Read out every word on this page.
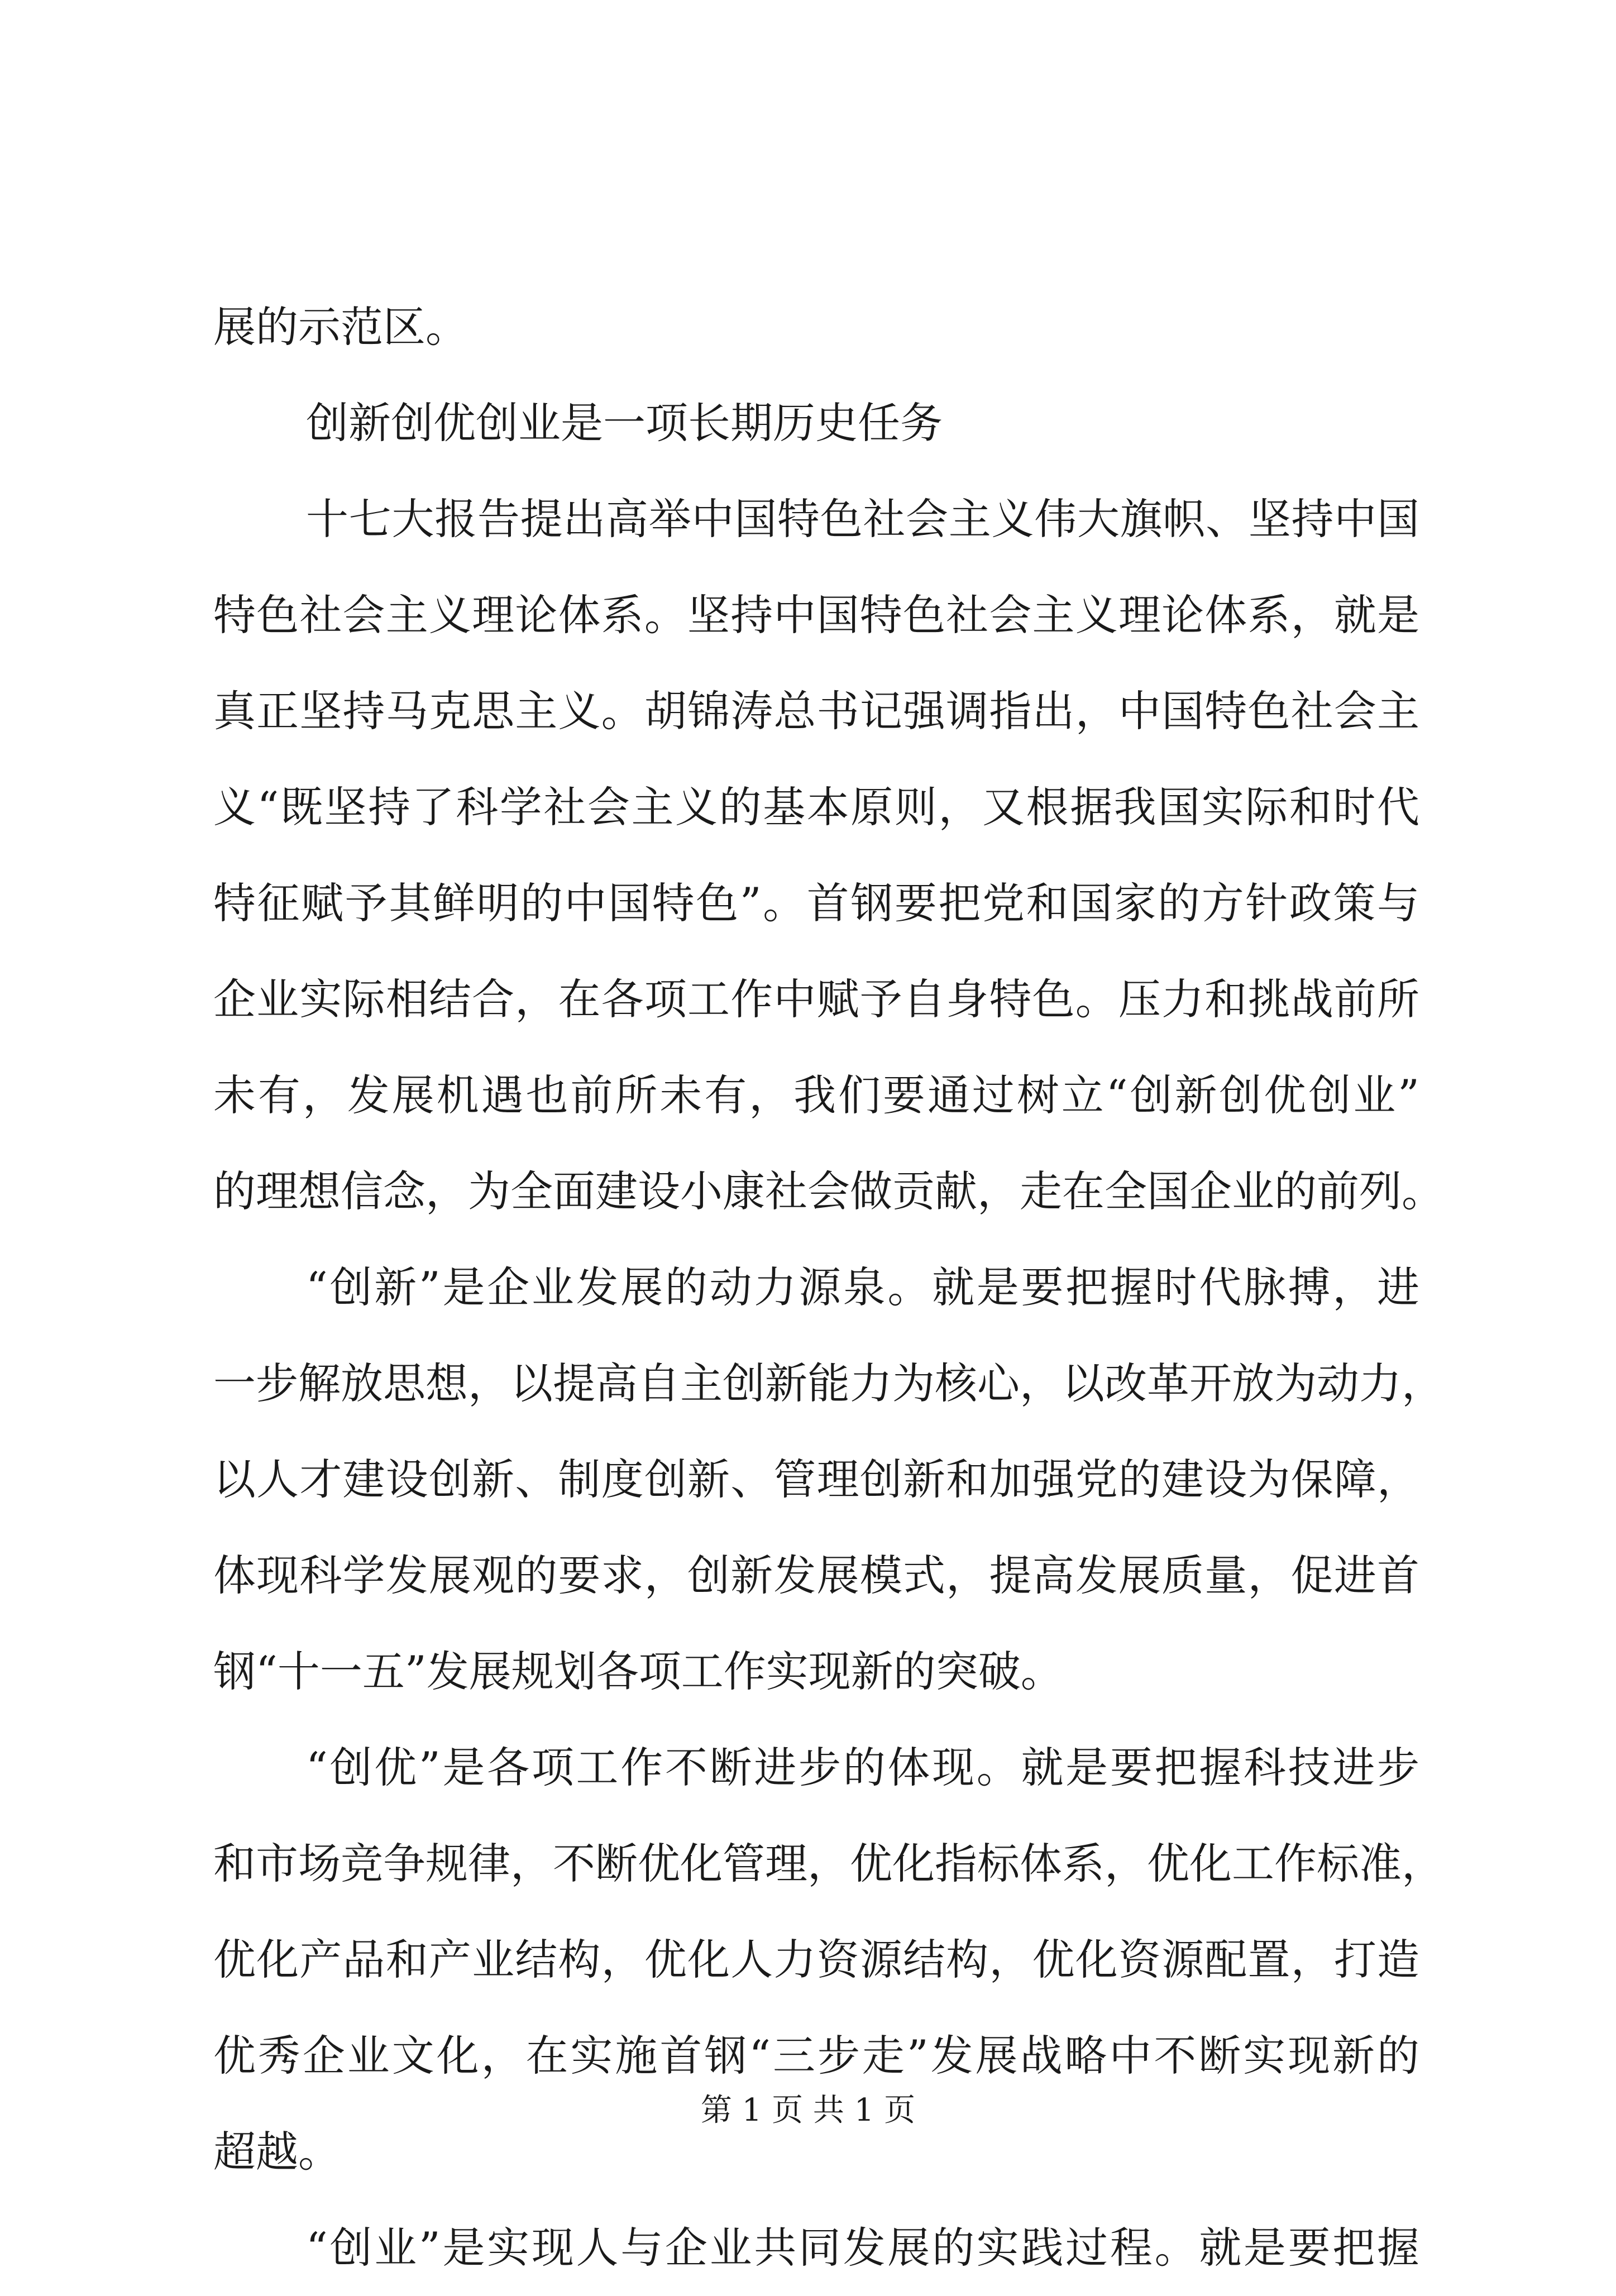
展的示范区。
创新创优创业是一项长期历史任务
十七大报告提出高举中国特色社会主义伟大旗帜、坚持中国
特色社会主义理论体系。坚持中国特色社会主义理论体系，就是
真正坚持马克思主义。胡锦涛总书记强调指出，中国特色社会主
义“既坚持了科学社会主义的基本原则，又根据我国实际和时代
特征赋予其鲜明的中国特色”。首钢要把党和国家的方针政策与
企业实际相结合，在各项工作中赋予自身特色。压力和挑战前所
未有，发展机遇也前所未有，我们要通过树立“创新创优创业”
的理想信念，为全面建设小康社会做贡献，走在全国企业的前列。
“创新”是企业发展的动力源泉。就是要把握时代脉搏，进
一步解放思想，以提高自主创新能力为核心，以改革开放为动力，
以人才建设创新、制度创新、管理创新和加强党的建设为保障，
体现科学发展观的要求，创新发展模式，提高发展质量，促进首
钢“十一五”发展规划各项工作实现新的突破。
“创优”是各项工作不断进步的体现。就是要把握科技进步
和市场竞争规律，不断优化管理，优化指标体系，优化工作标准，
优化产品和产业结构，优化人力资源结构，优化资源配置，打造
优秀企业文化，在实施首钢“三步走”发展战略中不断实现新的
超越。
“创业”是实现人与企业共同发展的实践过程。就是要把握
第 1 页 共 1 页
